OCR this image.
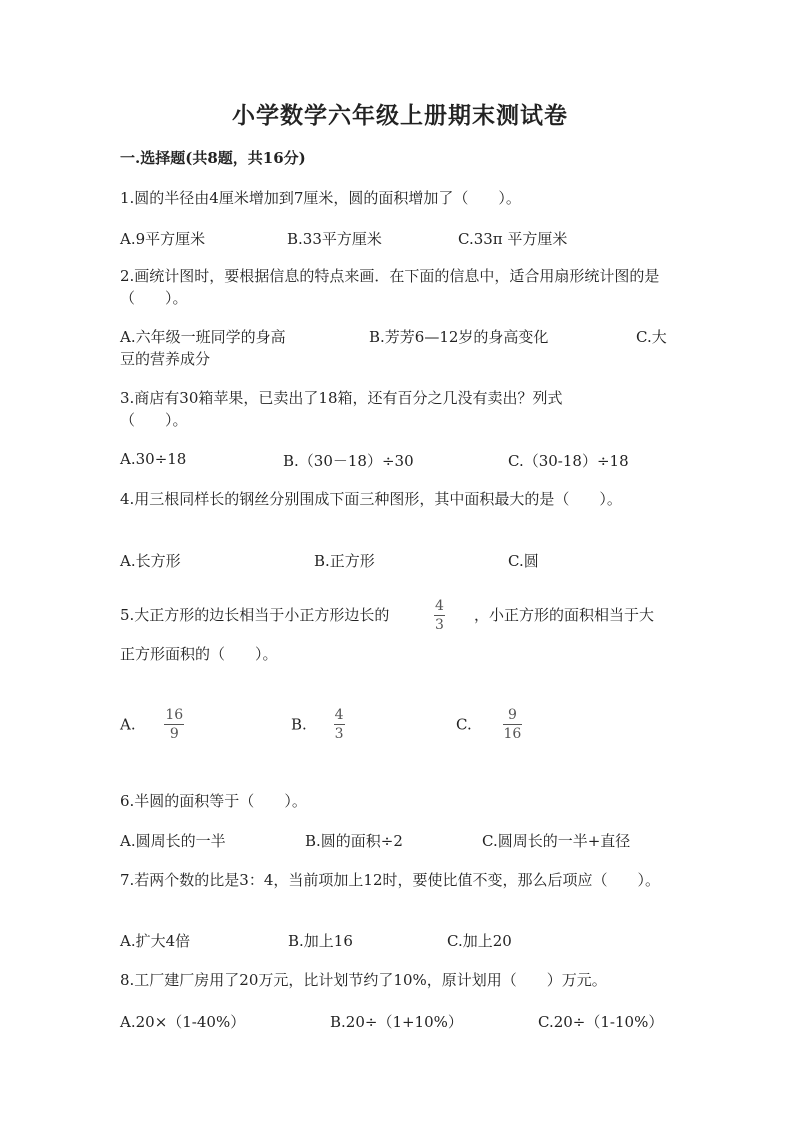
小学数学六年级上册期末测试卷
一.选择题(共8题，共16分)
1.圆的半径由4厘米增加到7厘米，圆的面积增加了（　　）。
A.9平方厘米	B.33平方厘米	C.33π 平方厘米
2.画统计图时，要根据信息的特点来画．在下面的信息中，适合用扇形统计图的是（　　）。
A.六年级一班同学的身高	B.芳芳6—12岁的身高变化	C.大豆的营养成分
3.商店有30箱苹果，已卖出了18箱，还有百分之几没有卖出？列式（　　）。
A.30÷18	B.（30－18）÷30	C.（30-18）÷18
4.用三根同样长的钢丝分别围成下面三种图形，其中面积最大的是（　　）。
A.长方形	B.正方形	C.圆
5.大正方形的边长相当于小正方形边长的	$\frac{4}{3}$ ，小正方形的面积相当于大
正方形面积的（　　）。
A. $\frac{16}{9}$	B. $\frac{4}{3}$	C. $\frac{9}{16}$
6.半圆的面积等于（　　）。
A.圆周长的一半	B.圆的面积÷2	C.圆周长的一半+直径
7.若两个数的比是3：4，当前项加上12时，要使比值不变，那么后项应（　　）。
A.扩大4倍	B.加上16	C.加上20
8.工厂建厂房用了20万元，比计划节约了10%，原计划用（　　）万元。
A.20×（1-40%）	B.20÷（1+10%）	C.20÷（1-10%）
